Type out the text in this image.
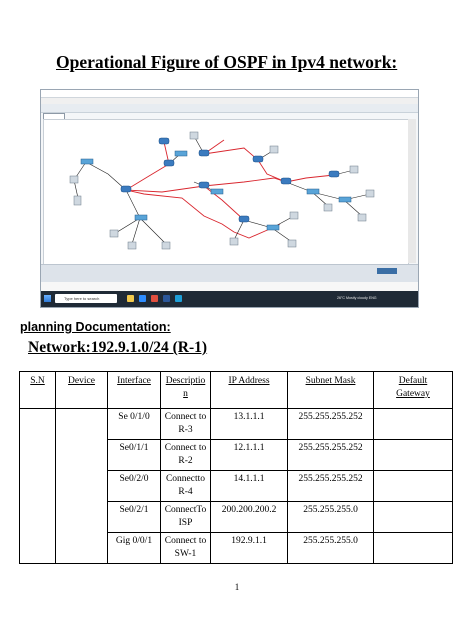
Operational Figure of OSPF in Ipv4 network:
Type here to search	26°C Mostly cloudy ENG
planning Documentation:
Network:192.9.1.0/24 (R-1)
S.N	Device	Interface	Description	IP Address	Subnet Mask	Default Gateway

		Se 0/1/0	Connect to R-3	13.1.1.1	255.255.255.252	

		Se0/1/1	Connect to R-2	12.1.1.1	255.255.255.252	

		Se0/2/0	Connectto R-4	14.1.1.1	255.255.255.252	

		Se0/2/1	ConnectTo ISP	200.200.200.2	255.255.255.0	

		Gig 0/0/1	Connect to SW-1	192.9.1.1	255.255.255.0	

1
